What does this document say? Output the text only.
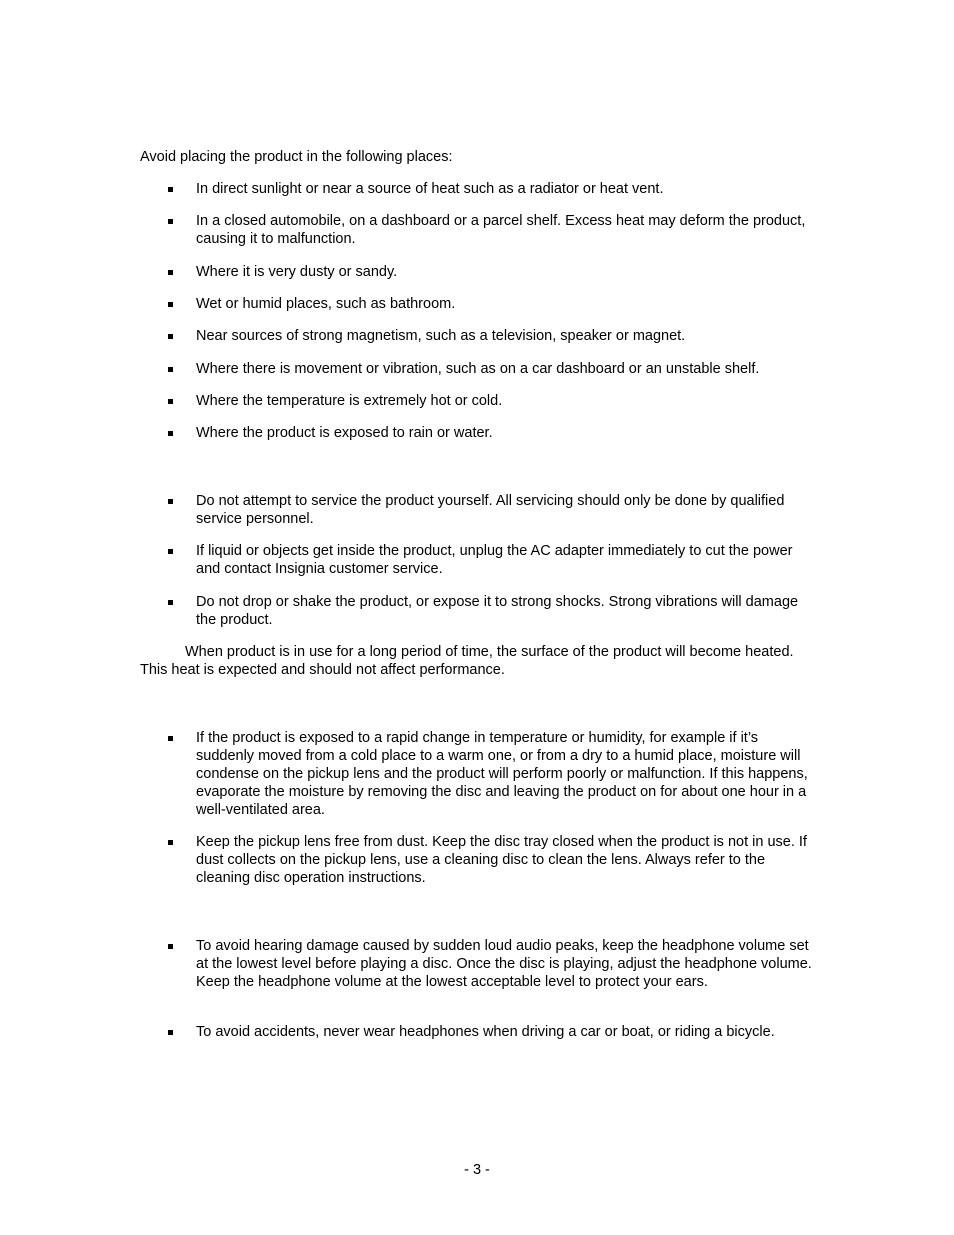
Avoid placing the product in the following places:

In direct sunlight or near a source of heat such as a radiator or heat vent.
In a closed automobile, on a dashboard or a parcel shelf. Excess heat may deform the product, causing it to malfunction.
Where it is very dusty or sandy.
Wet or humid places, such as bathroom.
Near sources of strong magnetism, such as a television, speaker or magnet.
Where there is movement or vibration, such as on a car dashboard or an unstable shelf.
Where the temperature is extremely hot or cold.
Where the product is exposed to rain or water.
Do not attempt to service the product yourself. All servicing should only be done by qualified service personnel.
If liquid or objects get inside the product, unplug the AC adapter immediately to cut the power and contact Insignia customer service.
Do not drop or shake the product, or expose it to strong shocks. Strong vibrations will damage the product.

When product is in use for a long period of time, the surface of the product will become heated. This heat is expected and should not affect performance.

If the product is exposed to a rapid change in temperature or humidity, for example if it’s suddenly moved from a cold place to a warm one, or from a dry to a humid place, moisture will condense on the pickup lens and the product will perform poorly or malfunction. If this happens, evaporate the moisture by removing the disc and leaving the product on for about one hour in a well-ventilated area.
Keep the pickup lens free from dust. Keep the disc tray closed when the product is not in use. If dust collects on the pickup lens, use a cleaning disc to clean the lens. Always refer to the cleaning disc operation instructions.
To avoid hearing damage caused by sudden loud audio peaks, keep the headphone volume set at the lowest level before playing a disc. Once the disc is playing, adjust the headphone volume. Keep the headphone volume at the lowest acceptable level to protect your ears.
To avoid accidents, never wear headphones when driving a car or boat, or riding a bicycle.
- 3 -
